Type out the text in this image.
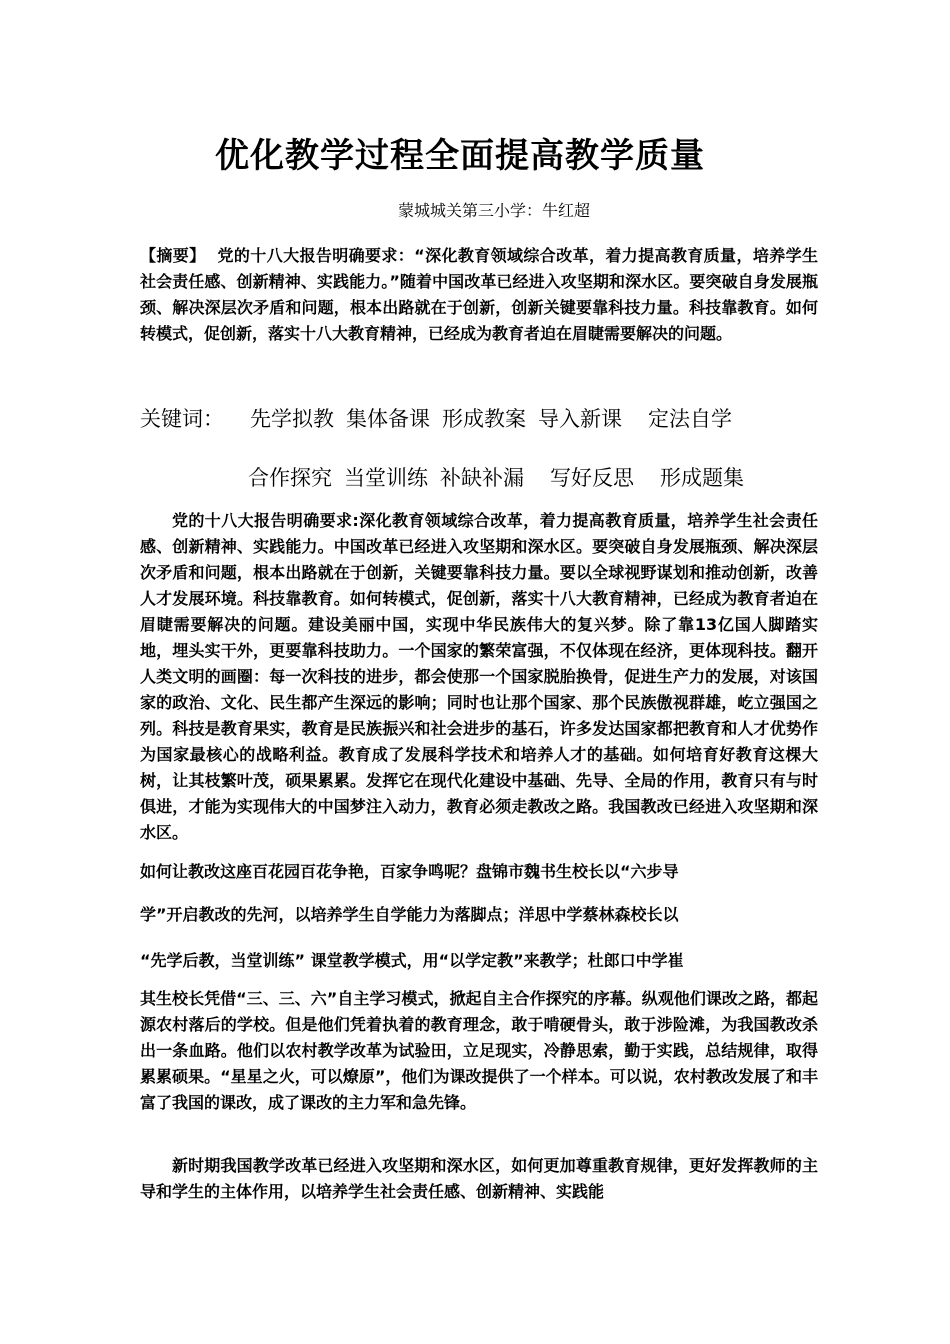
优化教学过程全面提高教学质量
蒙城城关第三小学：牛红超
【摘要】 党的十八大报告明确要求：“深化教育领域综合改革，着力提高教育质量，培养学生社会责任感、创新精神、实践能力。”随着中国改革已经进入攻坚期和深水区。要突破自身发展瓶颈、解决深层次矛盾和问题，根本出路就在于创新，创新关键要靠科技力量。科技靠教育。如何转模式，促创新，落实十八大教育精神，已经成为教育者迫在眉睫需要解决的问题。
关键词： 先学拟教 集体备课 形成教案 导入新课 定法自学
合作探究 当堂训练 补缺补漏 写好反思 形成题集
党的十八大报告明确要求:深化教育领域综合改革，着力提高教育质量，培养学生社会责任感、创新精神、实践能力。中国改革已经进入攻坚期和深水区。要突破自身发展瓶颈、解决深层次矛盾和问题，根本出路就在于创新，关键要靠科技力量。要以全球视野谋划和推动创新，改善人才发展环境。科技靠教育。如何转模式，促创新，落实十八大教育精神，已经成为教育者迫在眉睫需要解决的问题。建设美丽中国，实现中华民族伟大的复兴梦。除了靠13亿国人脚踏实地，埋头实干外，更要靠科技助力。一个国家的繁荣富强，不仅体现在经济，更体现科技。翻开人类文明的画圈：每一次科技的进步，都会使那一个国家脱胎换骨，促进生产力的发展，对该国家的政治、文化、民生都产生深远的影响；同时也让那个国家、那个民族傲视群雄，屹立强国之列。科技是教育果实，教育是民族振兴和社会进步的基石，许多发达国家都把教育和人才优势作为国家最核心的战略利益。教育成了发展科学技术和培养人才的基础。如何培育好教育这棵大树，让其枝繁叶茂，硕果累累。发挥它在现代化建设中基础、先导、全局的作用，教育只有与时俱进，才能为实现伟大的中国梦注入动力，教育必须走教改之路。我国教改已经进入攻坚期和深水区。
如何让教改这座百花园百花争艳，百家争鸣呢？盘锦市魏书生校长以“六步导
学”开启教改的先河，以培养学生自学能力为落脚点；洋思中学蔡林森校长以
“先学后教，当堂训练” 课堂教学模式，用“以学定教”来教学；杜郎口中学崔
其生校长凭借“三、三、六”自主学习模式，掀起自主合作探究的序幕。纵观他们课改之路，都起源农村落后的学校。但是他们凭着执着的教育理念，敢于啃硬骨头，敢于涉险滩，为我国教改杀出一条血路。他们以农村教学改革为试验田，立足现实，冷静思索，勤于实践，总结规律，取得累累硕果。“星星之火，可以燎原”，他们为课改提供了一个样本。可以说，农村教改发展了和丰富了我国的课改，成了课改的主力军和急先锋。
新时期我国教学改革已经进入攻坚期和深水区，如何更加尊重教育规律，更好发挥教师的主导和学生的主体作用，以培养学生社会责任感、创新精神、实践能
